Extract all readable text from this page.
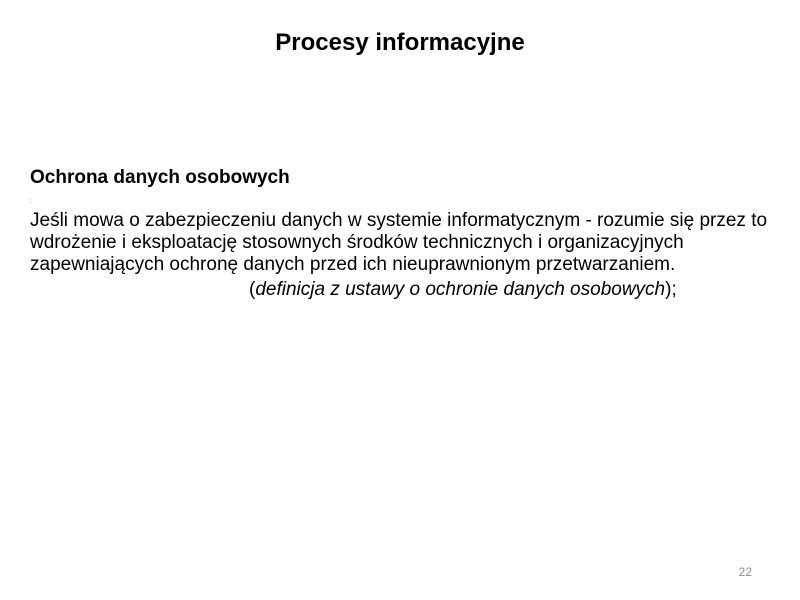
Procesy informacyjne

Ochrona danych osobowych

:

Jeśli mowa o zabezpieczeniu danych w systemie informatycznym - rozumie się przez to wdrożenie i eksploatację stosownych środków technicznych i organizacyjnych zapewniających ochronę danych przed ich nieuprawnionym przetwarzaniem.

(definicja z ustawy o ochronie danych osobowych);

22
